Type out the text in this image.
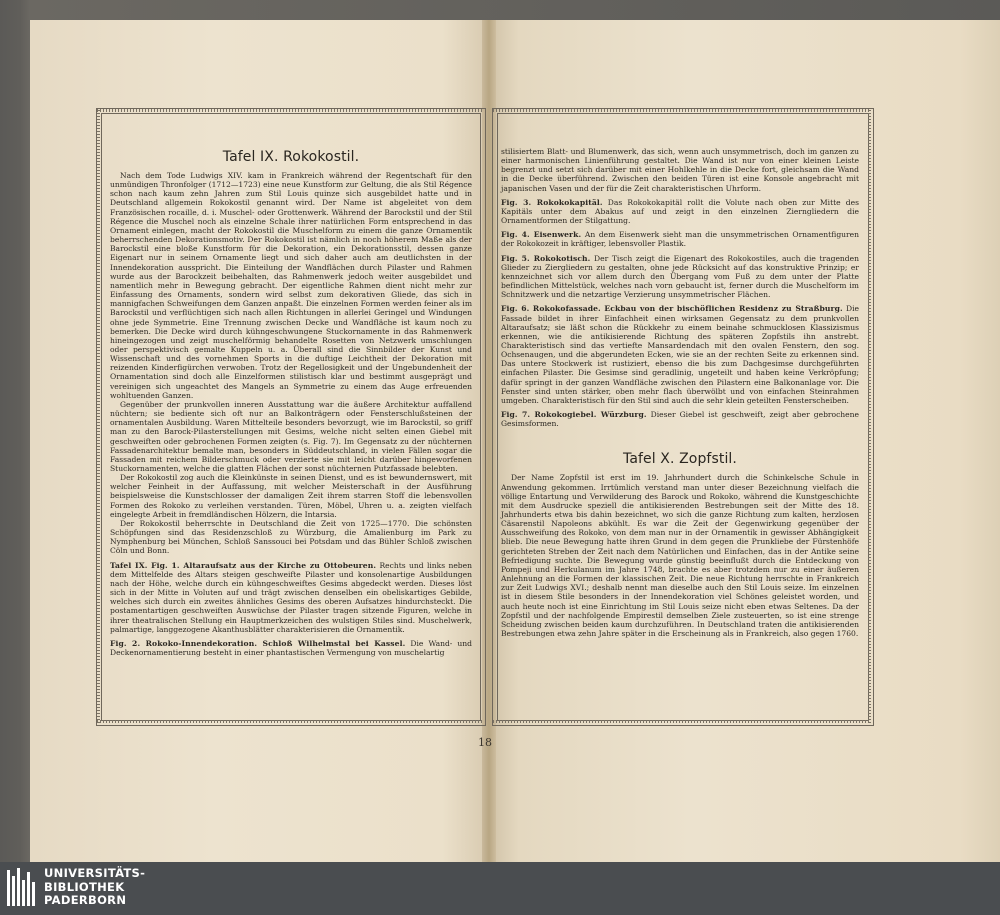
Tafel IX. Rokokostil.

Nach dem Tode Ludwigs XIV. kam in Frankreich während der Regentschaft für den unmündigen Thronfolger (1712—1723) eine neue Kunstform zur Geltung, die als Stil Régence schon nach kaum zehn Jahren zum Stil Louis quinze sich ausgebildet hatte und in Deutschland allgemein Rokokostil genannt wird. Der Name ist abgeleitet von dem Französischen rocaille, d. i. Muschel- oder Grottenwerk. Während der Barockstil und der Stil Régence die Muschel noch als einzelne Schale ihrer natürlichen Form entsprechend in das Ornament einlegen, macht der Rokokostil die Muschelform zu einem die ganze Ornamentik beherrschenden Dekorationsmotiv. Der Rokokostil ist nämlich in noch höherem Maße als der Barockstil eine bloße Kunstform für die Dekoration, ein Dekorationsstil, dessen ganze Eigenart nur in seinem Ornamente liegt und sich daher auch am deutlichsten in der Innendekoration ausspricht. Die Einteilung der Wandflächen durch Pilaster und Rahmen wurde aus der Barockzeit beibehalten, das Rahmenwerk jedoch weiter ausgebildet und namentlich mehr in Bewegung gebracht. Der eigentliche Rahmen dient nicht mehr zur Einfassung des Ornaments, sondern wird selbst zum dekorativen Gliede, das sich in mannigfachen Schweifungen dem Ganzen anpaßt. Die einzelnen Formen werden feiner als im Barockstil und verflüchtigen sich nach allen Richtungen in allerlei Geringel und Windungen ohne jede Symmetrie. Eine Trennung zwischen Decke und Wandfläche ist kaum noch zu bemerken. Die Decke wird durch kühngeschwungene Stuckornamente in das Rahmenwerk hineingezogen und zeigt muschelförmig behandelte Rosetten von Netzwerk umschlungen oder perspektivisch gemalte Kuppeln u. a. Überall sind die Sinnbilder der Kunst und Wissenschaft und des vornehmen Sports in die duftige Leichtheit der Dekoration mit reizenden Kinderfigürchen verwoben. Trotz der Regellosigkeit und der Ungebundenheit der Ornamentation sind doch alle Einzelformen stilistisch klar und bestimmt ausgeprägt und vereinigen sich ungeachtet des Mangels an Symmetrie zu einem das Auge erfreuenden wohltuenden Ganzen.

Gegenüber der prunkvollen inneren Ausstattung war die äußere Architektur auffallend nüchtern; sie bediente sich oft nur an Balkonträgern oder Fensterschlußsteinen der ornamentalen Ausbildung. Waren Mittelteile besonders bevorzugt, wie im Barockstil, so griff man zu den Barock-Pilasterstellungen mit Gesims, welche nicht selten einen Giebel mit geschweiften oder gebrochenen Formen zeigten (s. Fig. 7). Im Gegensatz zu der nüchternen Fassadenarchitektur bemalte man, besonders in Süddeutschland, in vielen Fällen sogar die Fassaden mit reichem Bilderschmuck oder verzierte sie mit leicht darüber hingeworfenen Stuckornamenten, welche die glatten Flächen der sonst nüchternen Putzfassade belebten.

Der Rokokostil zog auch die Kleinkünste in seinen Dienst, und es ist bewundernswert, mit welcher Feinheit in der Auffassung, mit welcher Meisterschaft in der Ausführung beispielsweise die Kunstschlosser der damaligen Zeit ihrem starren Stoff die lebensvollen Formen des Rokoko zu verleihen verstanden. Türen, Möbel, Uhren u. a. zeigten vielfach eingelegte Arbeit in fremdländischen Hölzern, die Intarsia.

Der Rokokostil beherrschte in Deutschland die Zeit von 1725—1770. Die schönsten Schöpfungen sind das Residenzschloß zu Würzburg, die Amalienburg im Park zu Nymphenburg bei München, Schloß Sanssouci bei Potsdam und das Bühler Schloß zwischen Cöln und Bonn.

Tafel IX. Fig. 1. Altaraufsatz aus der Kirche zu Ottobeuren. Rechts und links neben dem Mittelfelde des Altars steigen geschweifte Pilaster und konsolenartige Ausbildungen nach der Höhe, welche durch ein kühngeschweiftes Gesims abgedeckt werden. Dieses löst sich in der Mitte in Voluten auf und trägt zwischen denselben ein obeliskartiges Gebilde, welches sich durch ein zweites ähnliches Gesims des oberen Aufsatzes hindurchsteckt. Die postamentartigen geschweiften Auswüchse der Pilaster tragen sitzende Figuren, welche in ihrer theatralischen Stellung ein Hauptmerkzeichen des wulstigen Stiles sind. Muschelwerk, palmartige, langgezogene Akanthusblätter charakterisieren die Ornamentik.

Fig. 2. Rokoko-Innendekoration. Schloß Wilhelmstal bei Kassel. Die Wand- und Deckenornamentierung besteht in einer phantastischen Vermengung von muschelartig

stilisiertem Blatt- und Blumenwerk, das sich, wenn auch unsymmetrisch, doch im ganzen zu einer harmonischen Linienführung gestaltet. Die Wand ist nur von einer kleinen Leiste begrenzt und setzt sich darüber mit einer Hohlkehle in die Decke fort, gleichsam die Wand in die Decke überführend. Zwischen den beiden Türen ist eine Konsole angebracht mit japanischen Vasen und der für die Zeit charakteristischen Uhrform.

Fig. 3. Rokokokapitäl. Das Rokokokapitäl rollt die Volute nach oben zur Mitte des Kapitäls unter dem Abakus auf und zeigt in den einzelnen Zierngliedern die Ornamentformen der Stilgattung.

Fig. 4. Eisenwerk. An dem Eisenwerk sieht man die unsymmetrischen Ornamentfiguren der Rokokozeit in kräftiger, lebensvoller Plastik.

Fig. 5. Rokokotisch. Der Tisch zeigt die Eigenart des Rokokostiles, auch die tragenden Glieder zu Ziergliedern zu gestalten, ohne jede Rücksicht auf das konstruktive Prinzip; er kennzeichnet sich vor allem durch den Übergang vom Fuß zu dem unter der Platte befindlichen Mittelstück, welches nach vorn gebaucht ist, ferner durch die Muschelform im Schnitzwerk und die netzartige Verzierung unsymmetrischer Flächen.

Fig. 6. Rokokofassade. Eckbau von der bischöflichen Residenz zu Straßburg. Die Fassade bildet in ihrer Einfachheit einen wirksamen Gegensatz zu dem prunkvollen Altaraufsatz; sie läßt schon die Rückkehr zu einem beinahe schmucklosen Klassizismus erkennen, wie die antikisierende Richtung des späteren Zopfstils ihn anstrebt. Charakteristisch sind das vertiefte Mansardendach mit den ovalen Fenstern, den sog. Ochsenaugen, und die abgerundeten Ecken, wie sie an der rechten Seite zu erkennen sind. Das untere Stockwerk ist rustiziert, ebenso die bis zum Dachgesimse durchgeführten einfachen Pilaster. Die Gesimse sind geradlinig, ungeteilt und haben keine Verkröpfung; dafür springt in der ganzen Wandfläche zwischen den Pilastern eine Balkonanlage vor. Die Fenster sind unten stärker, oben mehr flach überwölbt und von einfachen Steinrahmen umgeben. Charakteristisch für den Stil sind auch die sehr klein geteilten Fensterscheiben.

Fig. 7. Rokokogiebel. Würzburg. Dieser Giebel ist geschweift, zeigt aber gebrochene Gesimsformen.

Tafel X. Zopfstil.

Der Name Zopfstil ist erst im 19. Jahrhundert durch die Schinkelsche Schule in Anwendung gekommen. Irrtümlich verstand man unter dieser Bezeichnung vielfach die völlige Entartung und Verwilderung des Barock und Rokoko, während die Kunstgeschichte mit dem Ausdrucke speziell die antikisierenden Bestrebungen seit der Mitte des 18. Jahrhunderts etwa bis dahin bezeichnet, wo sich die ganze Richtung zum kalten, herzlosen Cäsarenstil Napoleons abkühlt. Es war die Zeit der Gegenwirkung gegenüber der Ausschweifung des Rokoko, von dem man nur in der Ornamentik in gewisser Abhängigkeit blieb. Die neue Bewegung hatte ihren Grund in dem gegen die Prunkliebe der Fürstenhöfe gerichteten Streben der Zeit nach dem Natürlichen und Einfachen, das in der Antike seine Befriedigung suchte. Die Bewegung wurde günstig beeinflußt durch die Entdeckung von Pompeji und Herkulanum im Jahre 1748, brachte es aber trotzdem nur zu einer äußeren Anlehnung an die Formen der klassischen Zeit. Die neue Richtung herrschte in Frankreich zur Zeit Ludwigs XVI.; deshalb nennt man dieselbe auch den Stil Louis seize. Im einzelnen ist in diesem Stile besonders in der Innendekoration viel Schönes geleistet worden, und auch heute noch ist eine Einrichtung im Stil Louis seize nicht eben etwas Seltenes. Da der Zopfstil und der nachfolgende Empirestil demselben Ziele zusteuerten, so ist eine strenge Scheidung zwischen beiden kaum durchzuführen. In Deutschland traten die antikisierenden Bestrebungen etwa zehn Jahre später in die Erscheinung als in Frankreich, also gegen 1760.

18
UNIVERSITÄTS-
BIBLIOTHEK
PADERBORN
